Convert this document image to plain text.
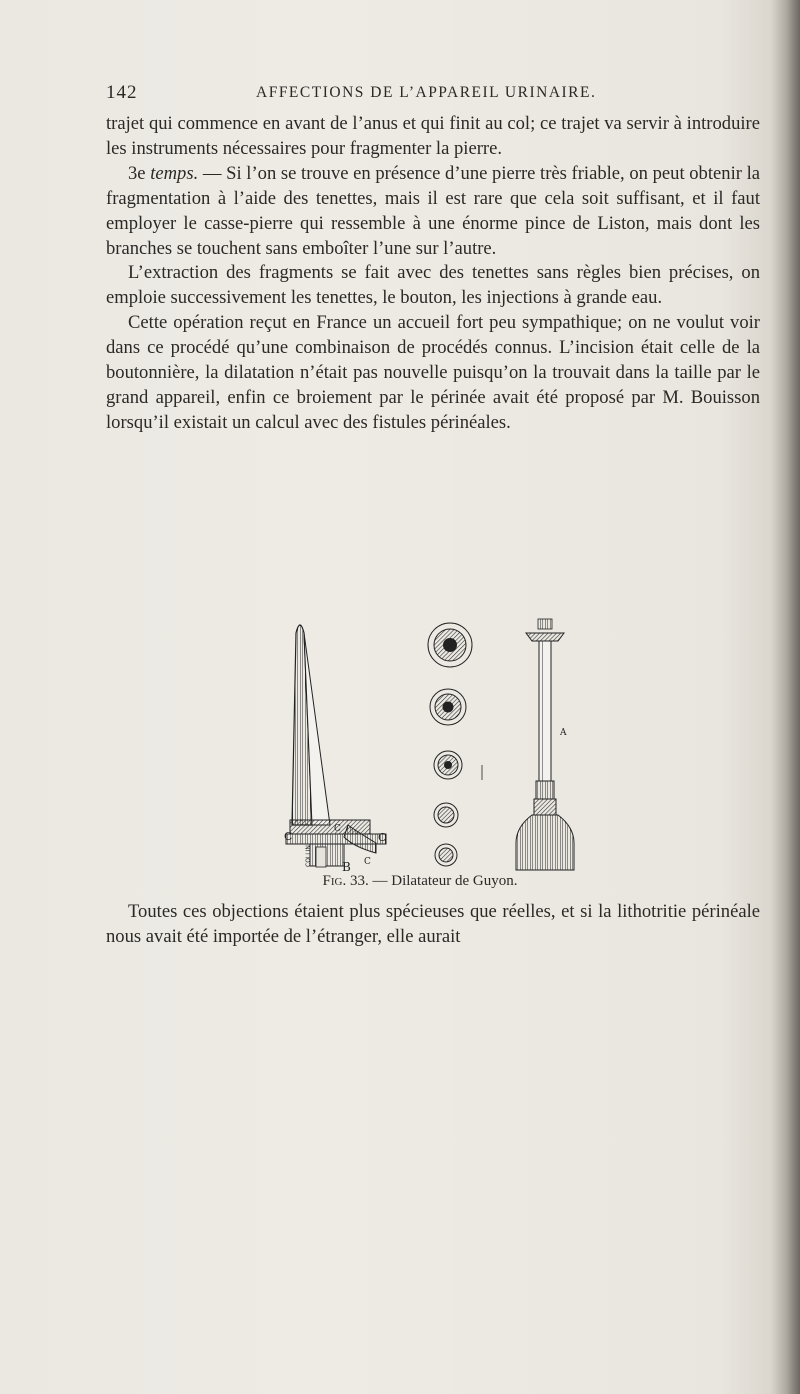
142	AFFECTIONS DE L’APPAREIL URINAIRE.

trajet qui commence en avant de l’anus et qui finit au col; ce trajet va servir à introduire les instruments nécessaires pour fragmenter la pierre.

3e temps. — Si l’on se trouve en présence d’une pierre très friable, on peut obtenir la fragmentation à l’aide des tenettes, mais il est rare que cela soit suffisant, et il faut employer le casse-pierre qui ressemble à une énorme pince de Liston, mais dont les branches se touchent sans emboîter l’une sur l’autre.

L’extraction des fragments se fait avec des tenettes sans règles bien précises, on emploie successivement les tenettes, le bouton, les injections à grande eau.

Cette opération reçut en France un accueil fort peu sympathique; on ne voulut voir dans ce procédé qu’une combinaison de procédés connus. L’incision était celle de la boutonnière, la dilatation n’était pas nouvelle puisqu’on la trouvait dans la taille par le grand appareil, enfin ce broiement par le périnée avait été proposé par M. Bouisson lorsqu’il existait un calcul avec des fistules périnéales.

C
C
C
C
COLLIN
A
B
Fig. 33. — Dilatateur de Guyon.

Toutes ces objections étaient plus spécieuses que réelles, et si la lithotritie périnéale nous avait été importée de l’étranger, elle aurait
